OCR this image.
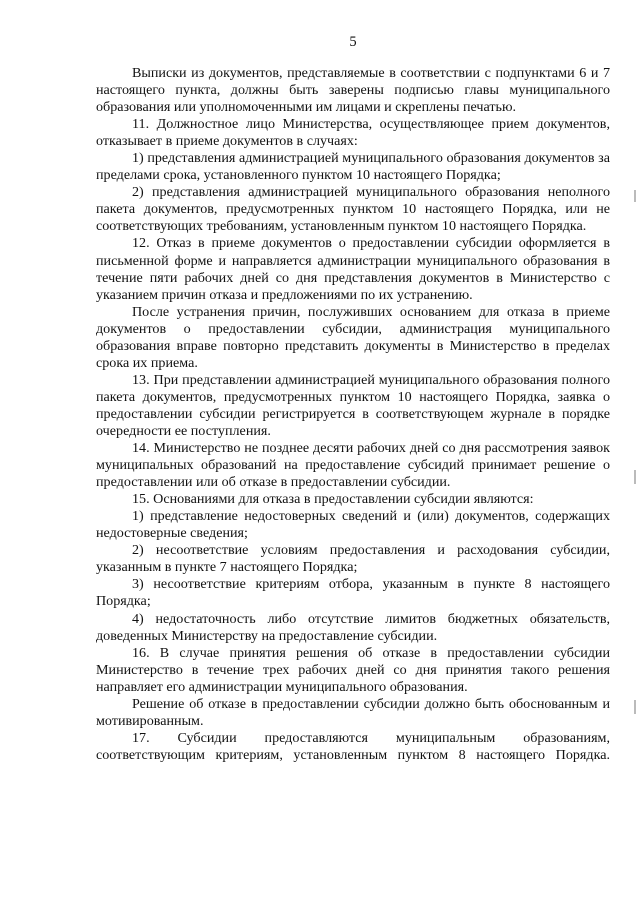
5

Выписки из документов, представляемые в соответствии с подпунктами 6 и 7 настоящего пункта, должны быть заверены подписью главы муниципального образования или уполномоченными им лицами и скреплены печатью.

11. Должностное лицо Министерства, осуществляющее прием документов, отказывает в приеме документов в случаях:

1) представления администрацией муниципального образования документов за пределами срока, установленного пунктом 10 настоящего Порядка;

2) представления администрацией муниципального образования неполного пакета документов, предусмотренных пунктом 10 настоящего Порядка, или не соответствующих требованиям, установленным пунктом 10 настоящего Порядка.

12. Отказ в приеме документов о предоставлении субсидии оформляется в письменной форме и направляется администрации муниципального образования в течение пяти рабочих дней со дня представления документов в Министерство с указанием причин отказа и предложениями по их устранению.

После устранения причин, послуживших основанием для отказа в приеме документов о предоставлении субсидии, администрация муниципального образования вправе повторно представить документы в Министерство в пределах срока их приема.

13. При представлении администрацией муниципального образования полного пакета документов, предусмотренных пунктом 10 настоящего Порядка, заявка о предоставлении субсидии регистрируется в соответствующем журнале в порядке очередности ее поступления.

14. Министерство не позднее десяти рабочих дней со дня рассмотрения заявок муниципальных образований на предоставление субсидий принимает решение о предоставлении или об отказе в предоставлении субсидии.

15. Основаниями для отказа в предоставлении субсидии являются:

1) представление недостоверных сведений и (или) документов, содержащих недостоверные сведения;

2) несоответствие условиям предоставления и расходования субсидии, указанным в пункте 7 настоящего Порядка;

3) несоответствие критериям отбора, указанным в пункте 8 настоящего Порядка;

4) недостаточность либо отсутствие лимитов бюджетных обязательств, доведенных Министерству на предоставление субсидии.

16. В случае принятия решения об отказе в предоставлении субсидии Министерство в течение трех рабочих дней со дня принятия такого решения направляет его администрации муниципального образования.

Решение об отказе в предоставлении субсидии должно быть обоснованным и мотивированным.

17. Субсидии предоставляются муниципальным образованиям, соответствующим критериям, установленным пунктом 8 настоящего Порядка.
